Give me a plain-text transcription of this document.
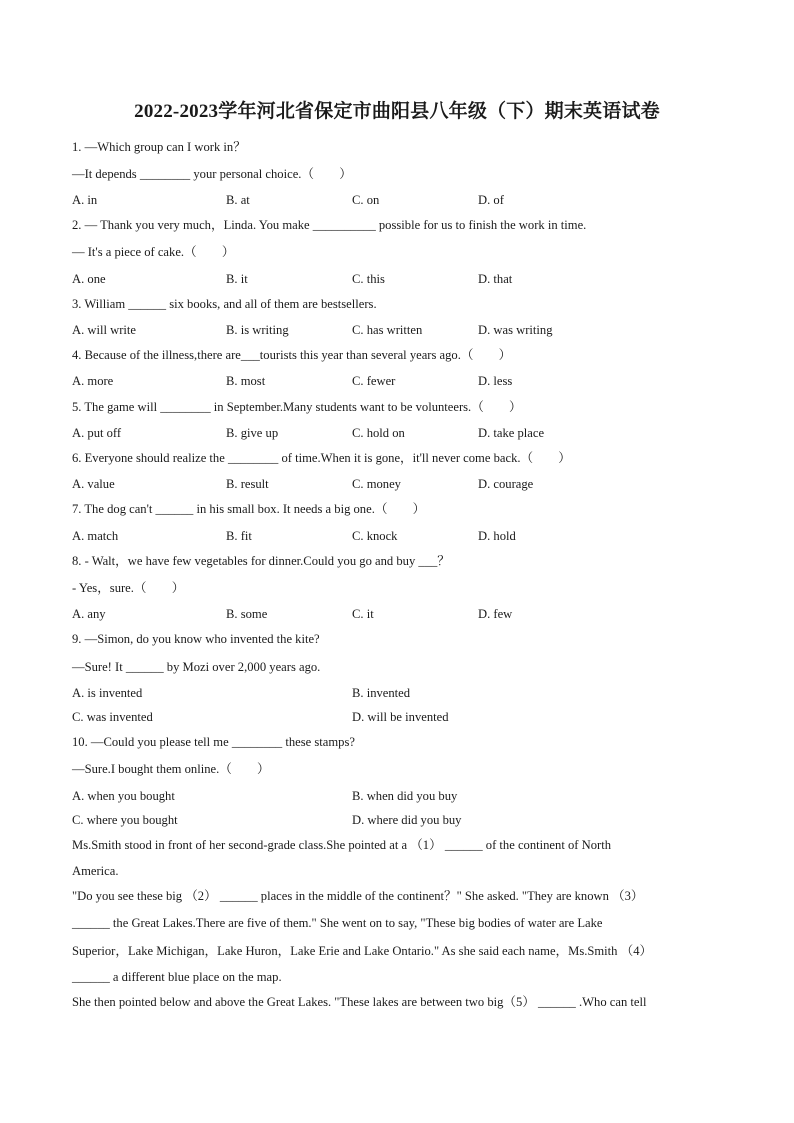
2022-2023学年河北省保定市曲阳县八年级（下）期末英语试卷
1. —Which group can I work in？
—It depends ________ your personal choice.（　　）
A. in	B. at	C. on	D. of
2. — Thank you very much，Linda. You make __________ possible for us to finish the work in time.
— It's a piece of cake.（　　）
A. one	B. it	C. this	D. that
3. William ______ six books, and all of them are bestsellers.
A. will write	B. is writing	C. has written	D. was writing
4. Because of the illness,there are___tourists this year than several years ago.（　　）
A. more	B. most	C. fewer	D. less
5. The game will ________ in September.Many students want to be volunteers.（　　）
A. put off	B. give up	C. hold on	D. take place
6. Everyone should realize the ________ of time.When it is gone，it'll never come back.（　　）
A. value	B. result	C. money	D. courage
7. The dog can't ______ in his small box. It needs a big one.（　　）
A. match	B. fit	C. knock	D. hold
8. - Walt，we have few vegetables for dinner.Could you go and buy ___？
- Yes，sure.（　　）
A. any	B. some	C. it	D. few
9. —Simon, do you know who invented the kite?
—Sure! It ______ by Mozi over 2,000 years ago.
A. is invented	B. invented
C. was invented	D. will be invented
10. —Could you please tell me ________ these stamps?
—Sure.I bought them online.（　　）
A. when you bought	B. when did you buy
C. where you bought	D. where did you buy
Ms.Smith stood in front of her second-grade class.She pointed at a （1） ______ of the continent of North
America.
"Do you see these big （2） ______ places in the middle of the continent？" She asked. "They are known （3）
______ the Great Lakes.There are five of them." She went on to say, "These big bodies of water are Lake
Superior，Lake Michigan，Lake Huron，Lake Erie and Lake Ontario." As she said each name，Ms.Smith （4）
______ a different blue place on the map.
She then pointed below and above the Great Lakes. "These lakes are between two big（5） ______ .Who can tell
